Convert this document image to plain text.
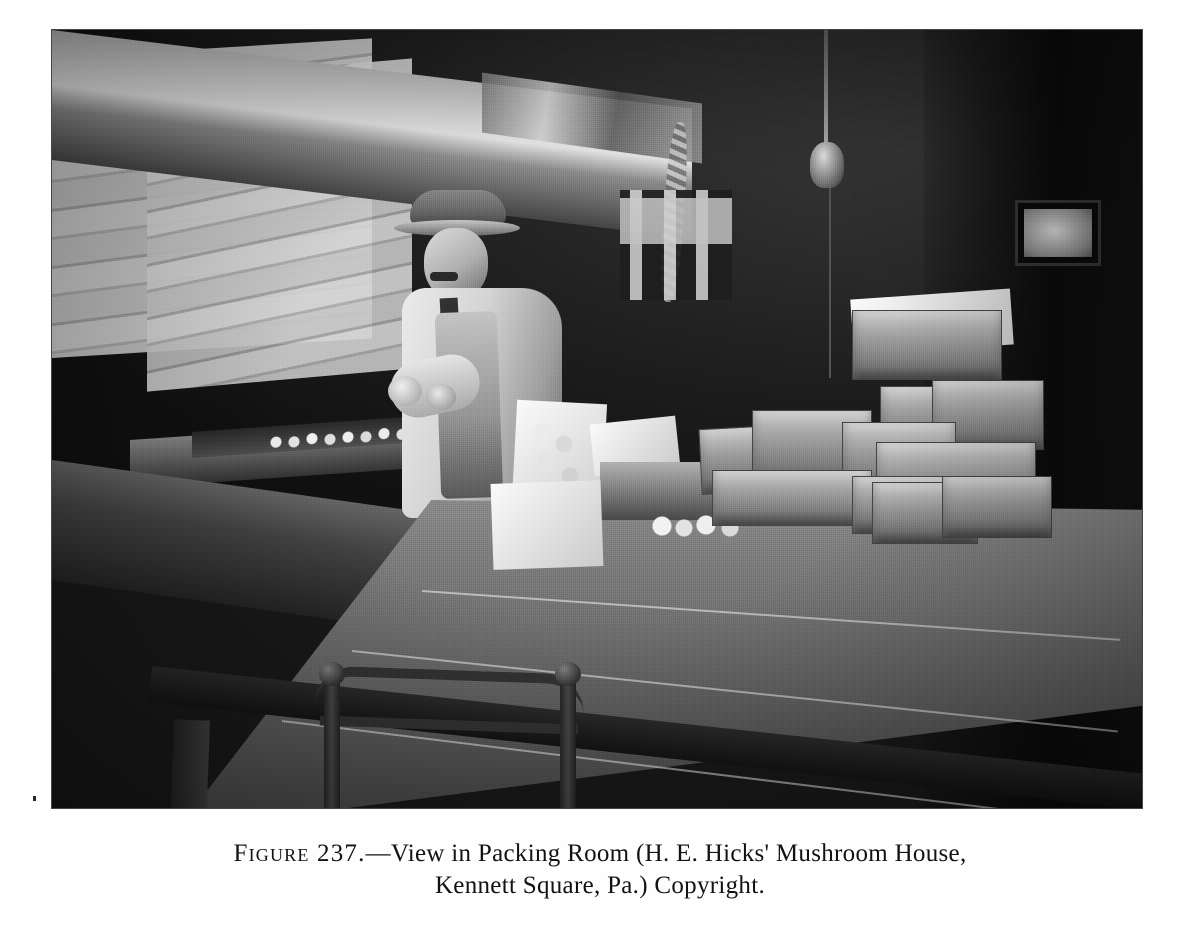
Figure 237.—View in Packing Room (H. E. Hicks' Mushroom House,
Kennett Square, Pa.) Copyright.
